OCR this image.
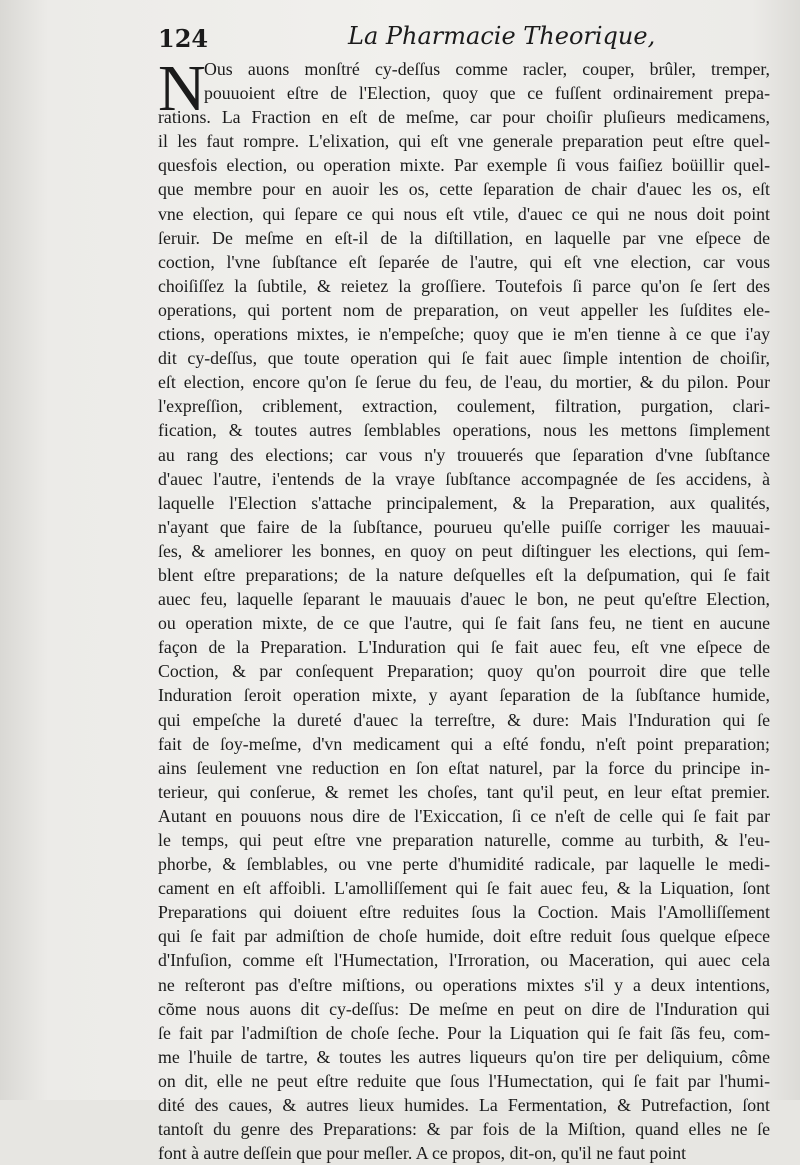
124	La Pharmacie Theorique,
N
Ous auons monſtré cy-deſſus comme racler, couper, brûler, tremper,
pouuoient eſtre de l'Election, quoy que ce fuſſent ordinairement prepa-
rations. La Fraction en eſt de meſme, car pour choiſir pluſieurs medicamens,
il les faut rompre. L'elixation, qui eſt vne generale preparation peut eſtre quel-
quesfois election, ou operation mixte. Par exemple ſi vous faiſiez boüillir quel-
que membre pour en auoir les os, cette ſeparation de chair d'auec les os, eſt
vne election, qui ſepare ce qui nous eſt vtile, d'auec ce qui ne nous doit point
ſeruir. De meſme en eſt-il de la diſtillation, en laquelle par vne eſpece de
coction, l'vne ſubſtance eſt ſeparée de l'autre, qui eſt vne election, car vous
choiſiſſez la ſubtile, & reietez la groſſiere. Toutefois ſi parce qu'on ſe ſert des
operations, qui portent nom de preparation, on veut appeller les ſuſdites ele-
ctions, operations mixtes, ie n'empeſche; quoy que ie m'en tienne à ce que i'ay
dit cy-deſſus, que toute operation qui ſe fait auec ſimple intention de choiſir,
eſt election, encore qu'on ſe ſerue du feu, de l'eau, du mortier, & du pilon. Pour
l'expreſſion, criblement, extraction, coulement, filtration, purgation, clari-
fication, & toutes autres ſemblables operations, nous les mettons ſimplement
au rang des elections; car vous n'y trouuerés que ſeparation d'vne ſubſtance
d'auec l'autre, i'entends de la vraye ſubſtance accompagnée de ſes accidens, à
laquelle l'Election s'attache principalement, & la Preparation, aux qualités,
n'ayant que faire de la ſubſtance, pourueu qu'elle puiſſe corriger les mauuai-
ſes, & ameliorer les bonnes, en quoy on peut diſtinguer les elections, qui ſem-
blent eſtre preparations; de la nature deſquelles eſt la deſpumation, qui ſe fait
auec feu, laquelle ſeparant le mauuais d'auec le bon, ne peut qu'eſtre Election,
ou operation mixte, de ce que l'autre, qui ſe fait ſans feu, ne tient en aucune
façon de la Preparation. L'Induration qui ſe fait auec feu, eſt vne eſpece de
Coction, & par conſequent Preparation; quoy qu'on pourroit dire que telle
Induration ſeroit operation mixte, y ayant ſeparation de la ſubſtance humide,
qui empeſche la dureté d'auec la terreſtre, & dure: Mais l'Induration qui ſe
fait de ſoy-meſme, d'vn medicament qui a eſté fondu, n'eſt point preparation;
ains ſeulement vne reduction en ſon eſtat naturel, par la force du principe in-
terieur, qui conſerue, & remet les choſes, tant qu'il peut, en leur eſtat premier.
Autant en pouuons nous dire de l'Exiccation, ſi ce n'eſt de celle qui ſe fait par
le temps, qui peut eſtre vne preparation naturelle, comme au turbith, & l'eu-
phorbe, & ſemblables, ou vne perte d'humidité radicale, par laquelle le medi-
cament en eſt affoibli. L'amolliſſement qui ſe fait auec feu, & la Liquation, ſont
Preparations qui doiuent eſtre reduites ſous la Coction. Mais l'Amolliſſement
qui ſe fait par admiſtion de choſe humide, doit eſtre reduit ſous quelque eſpece
d'Infuſion, comme eſt l'Humectation, l'Irroration, ou Maceration, qui auec cela
ne reſteront pas d'eſtre miſtions, ou operations mixtes s'il y a deux intentions,
cõme nous auons dit cy-deſſus: De meſme en peut on dire de l'Induration qui
ſe fait par l'admiſtion de choſe ſeche. Pour la Liquation qui ſe fait ſãs feu, com-
me l'huile de tartre, & toutes les autres liqueurs qu'on tire per deliquium, côme
on dit, elle ne peut eſtre reduite que ſous l'Humectation, qui ſe fait par l'humi-
dité des caues, & autres lieux humides. La Fermentation, & Putrefaction, ſont
tantoſt du genre des Preparations: & par fois de la Miſtion, quand elles ne ſe
font à autre deſſein que pour meſler. A ce propos, dit-on, qu'il ne faut point
